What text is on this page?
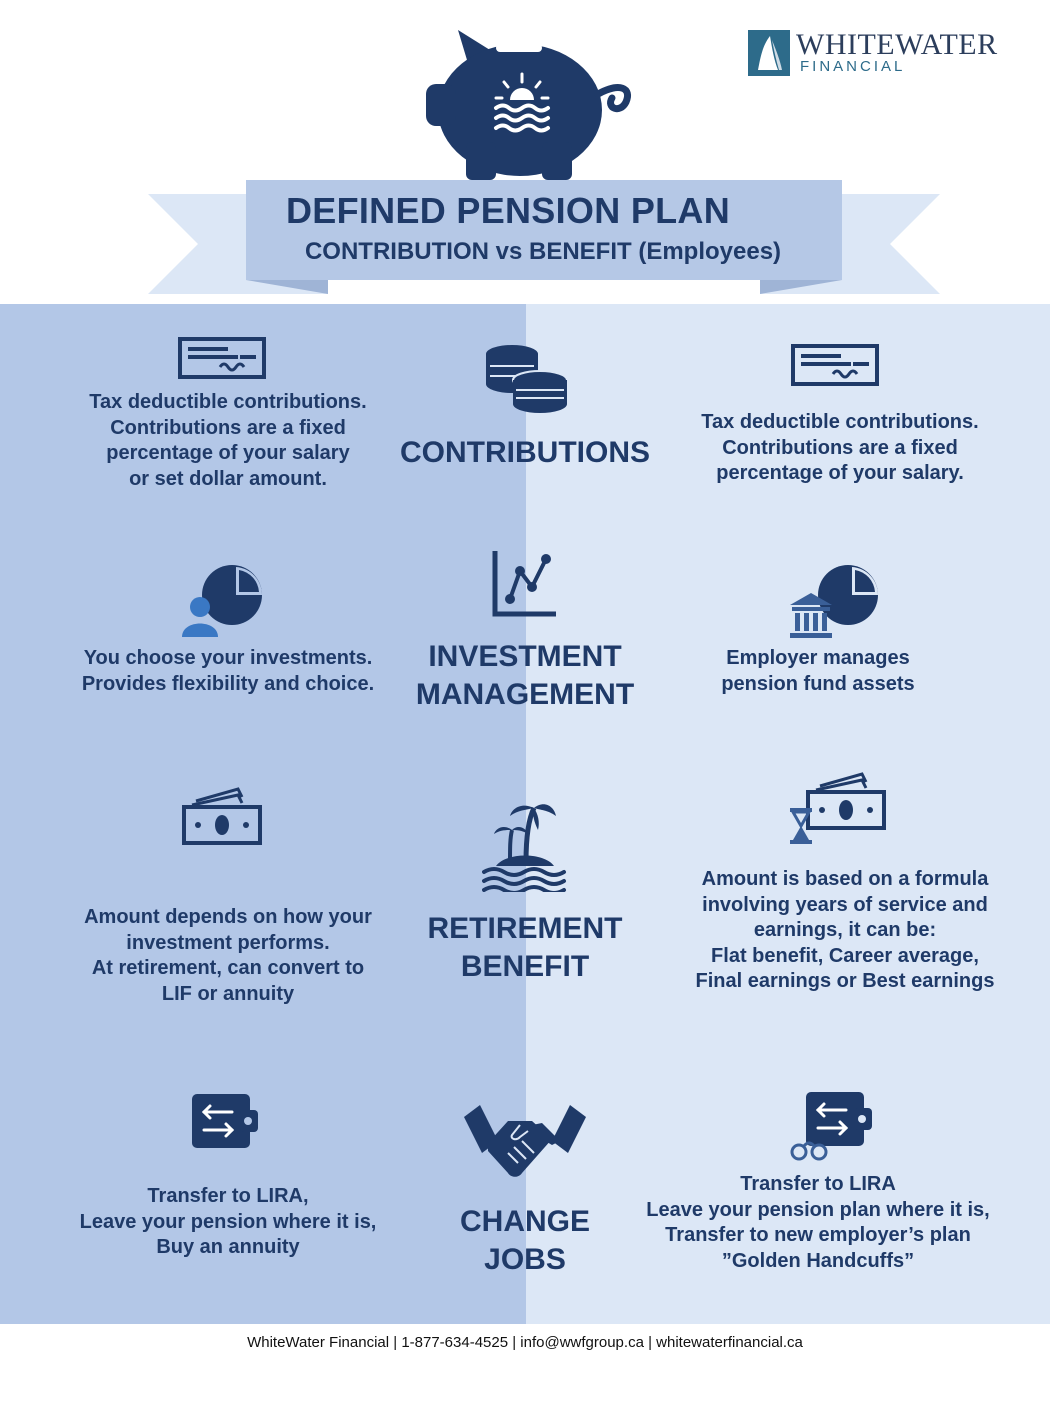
WHITEWATER
FINANCIAL
DEFINED PENSION PLAN
CONTRIBUTION vs BENEFIT (Employees)
Tax deductible contributions.
Contributions are a fixed
percentage of your salary
or set dollar amount.
CONTRIBUTIONS
Tax deductible contributions.
Contributions are a fixed
percentage of your salary.
You choose your investments.
Provides flexibility and choice.
INVESTMENT
MANAGEMENT
Employer manages
pension fund assets
Amount depends on how your
investment performs.
At retirement, can convert to
LIF or annuity
RETIREMENT
BENEFIT
Amount is based on a formula
involving years of service and
earnings, it can be:
Flat benefit, Career average,
Final earnings or Best earnings
Transfer to LIRA,
Leave your pension where it is,
Buy an annuity
CHANGE
JOBS
Transfer to LIRA
Leave your pension plan where it is,
Transfer to new employer’s plan
”Golden Handcuffs”
WhiteWater Financial | 1-877-634-4525 | info@wwfgroup.ca | whitewaterfinancial.ca
